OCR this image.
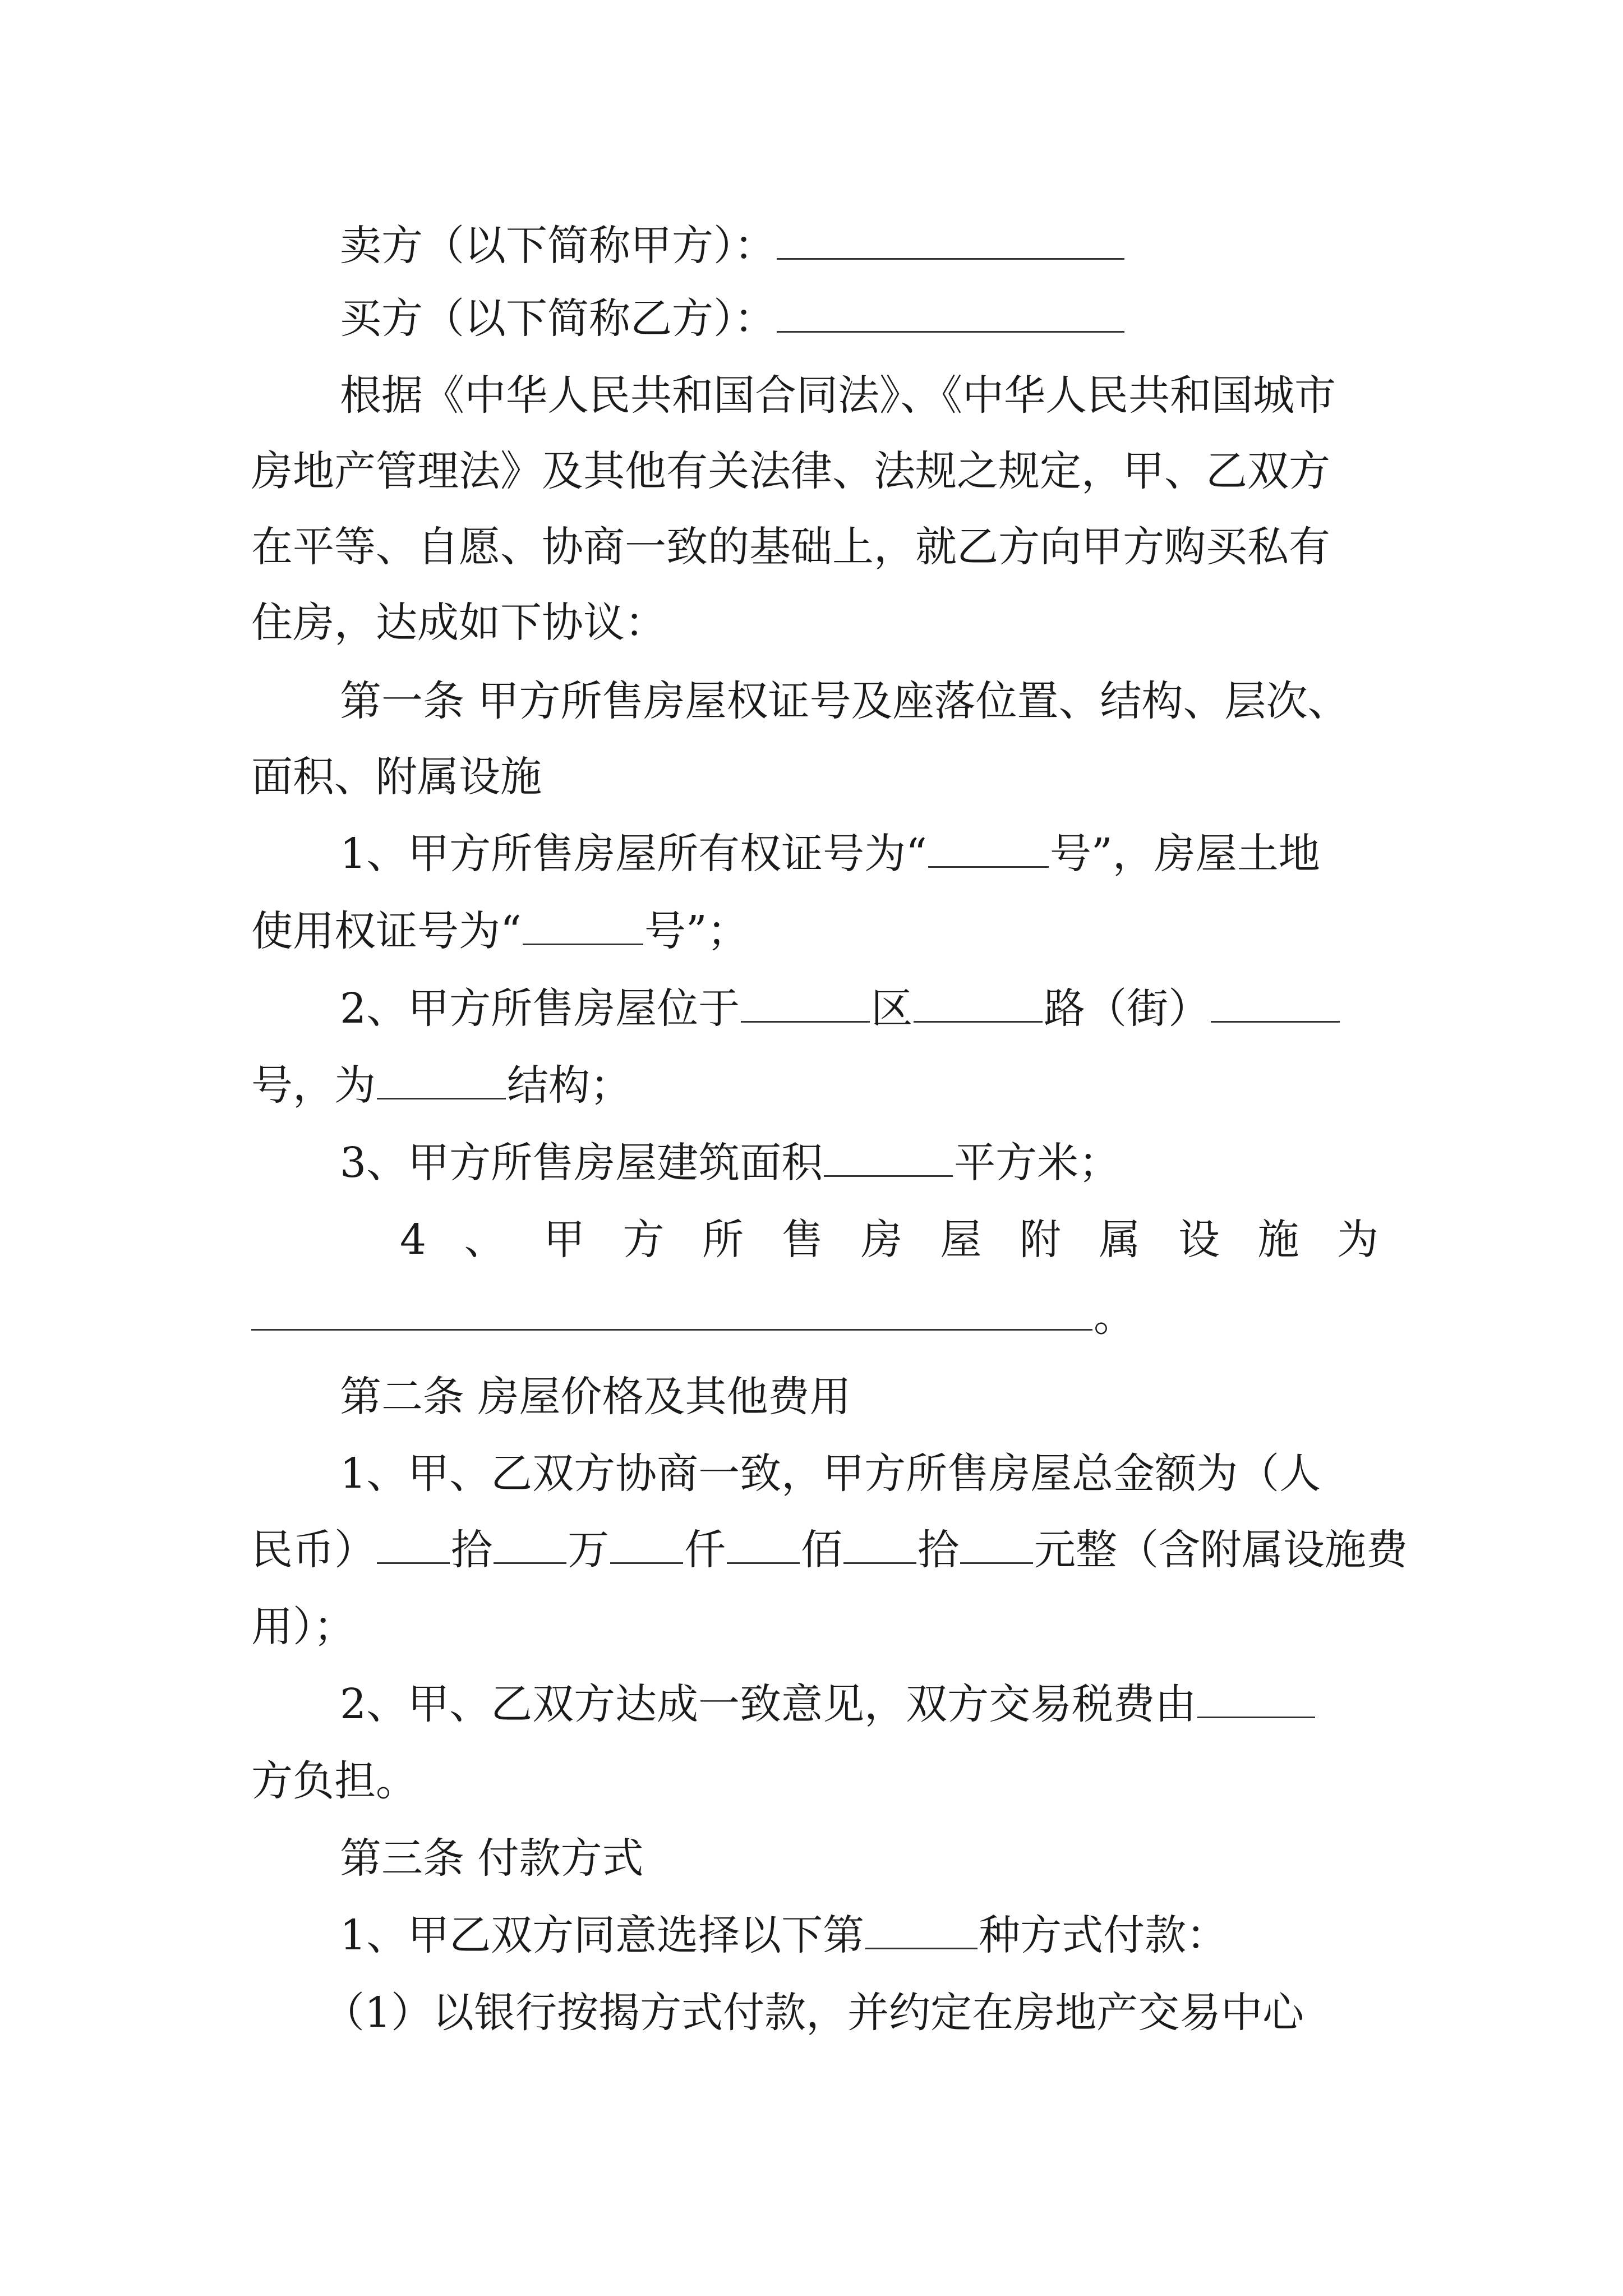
卖方（以下简称甲方）：
买方（以下简称乙方）：
根据《中华人民共和国合同法》、《中华人民共和国城市
房地产管理法》及其他有关法律、法规之规定，甲、乙双方
在平等、自愿、协商一致的基础上，就乙方向甲方购买私有
住房，达成如下协议：
第一条 甲方所售房屋权证号及座落位置、结构、层次、
面积、附属设施
1、甲方所售房屋所有权证号为“	号”，房屋土地
使用权证号为“	号”；
2、甲方所售房屋位于	区	路（街）
号，为	结构；
3、甲方所售房屋建筑面积	平方米；
4 、 甲 方 所 售 房 屋 附 属 设 施 为
。
第二条 房屋价格及其他费用
1、甲、乙双方协商一致，甲方所售房屋总金额为（人
民币） 拾 万 仟 佰 拾 元整（含附属设施费
用）；
2、甲、乙双方达成一致意见，双方交易税费由
方负担。
第三条 付款方式
1、甲乙双方同意选择以下第	种方式付款：
（1）以银行按揭方式付款，并约定在房地产交易中心
